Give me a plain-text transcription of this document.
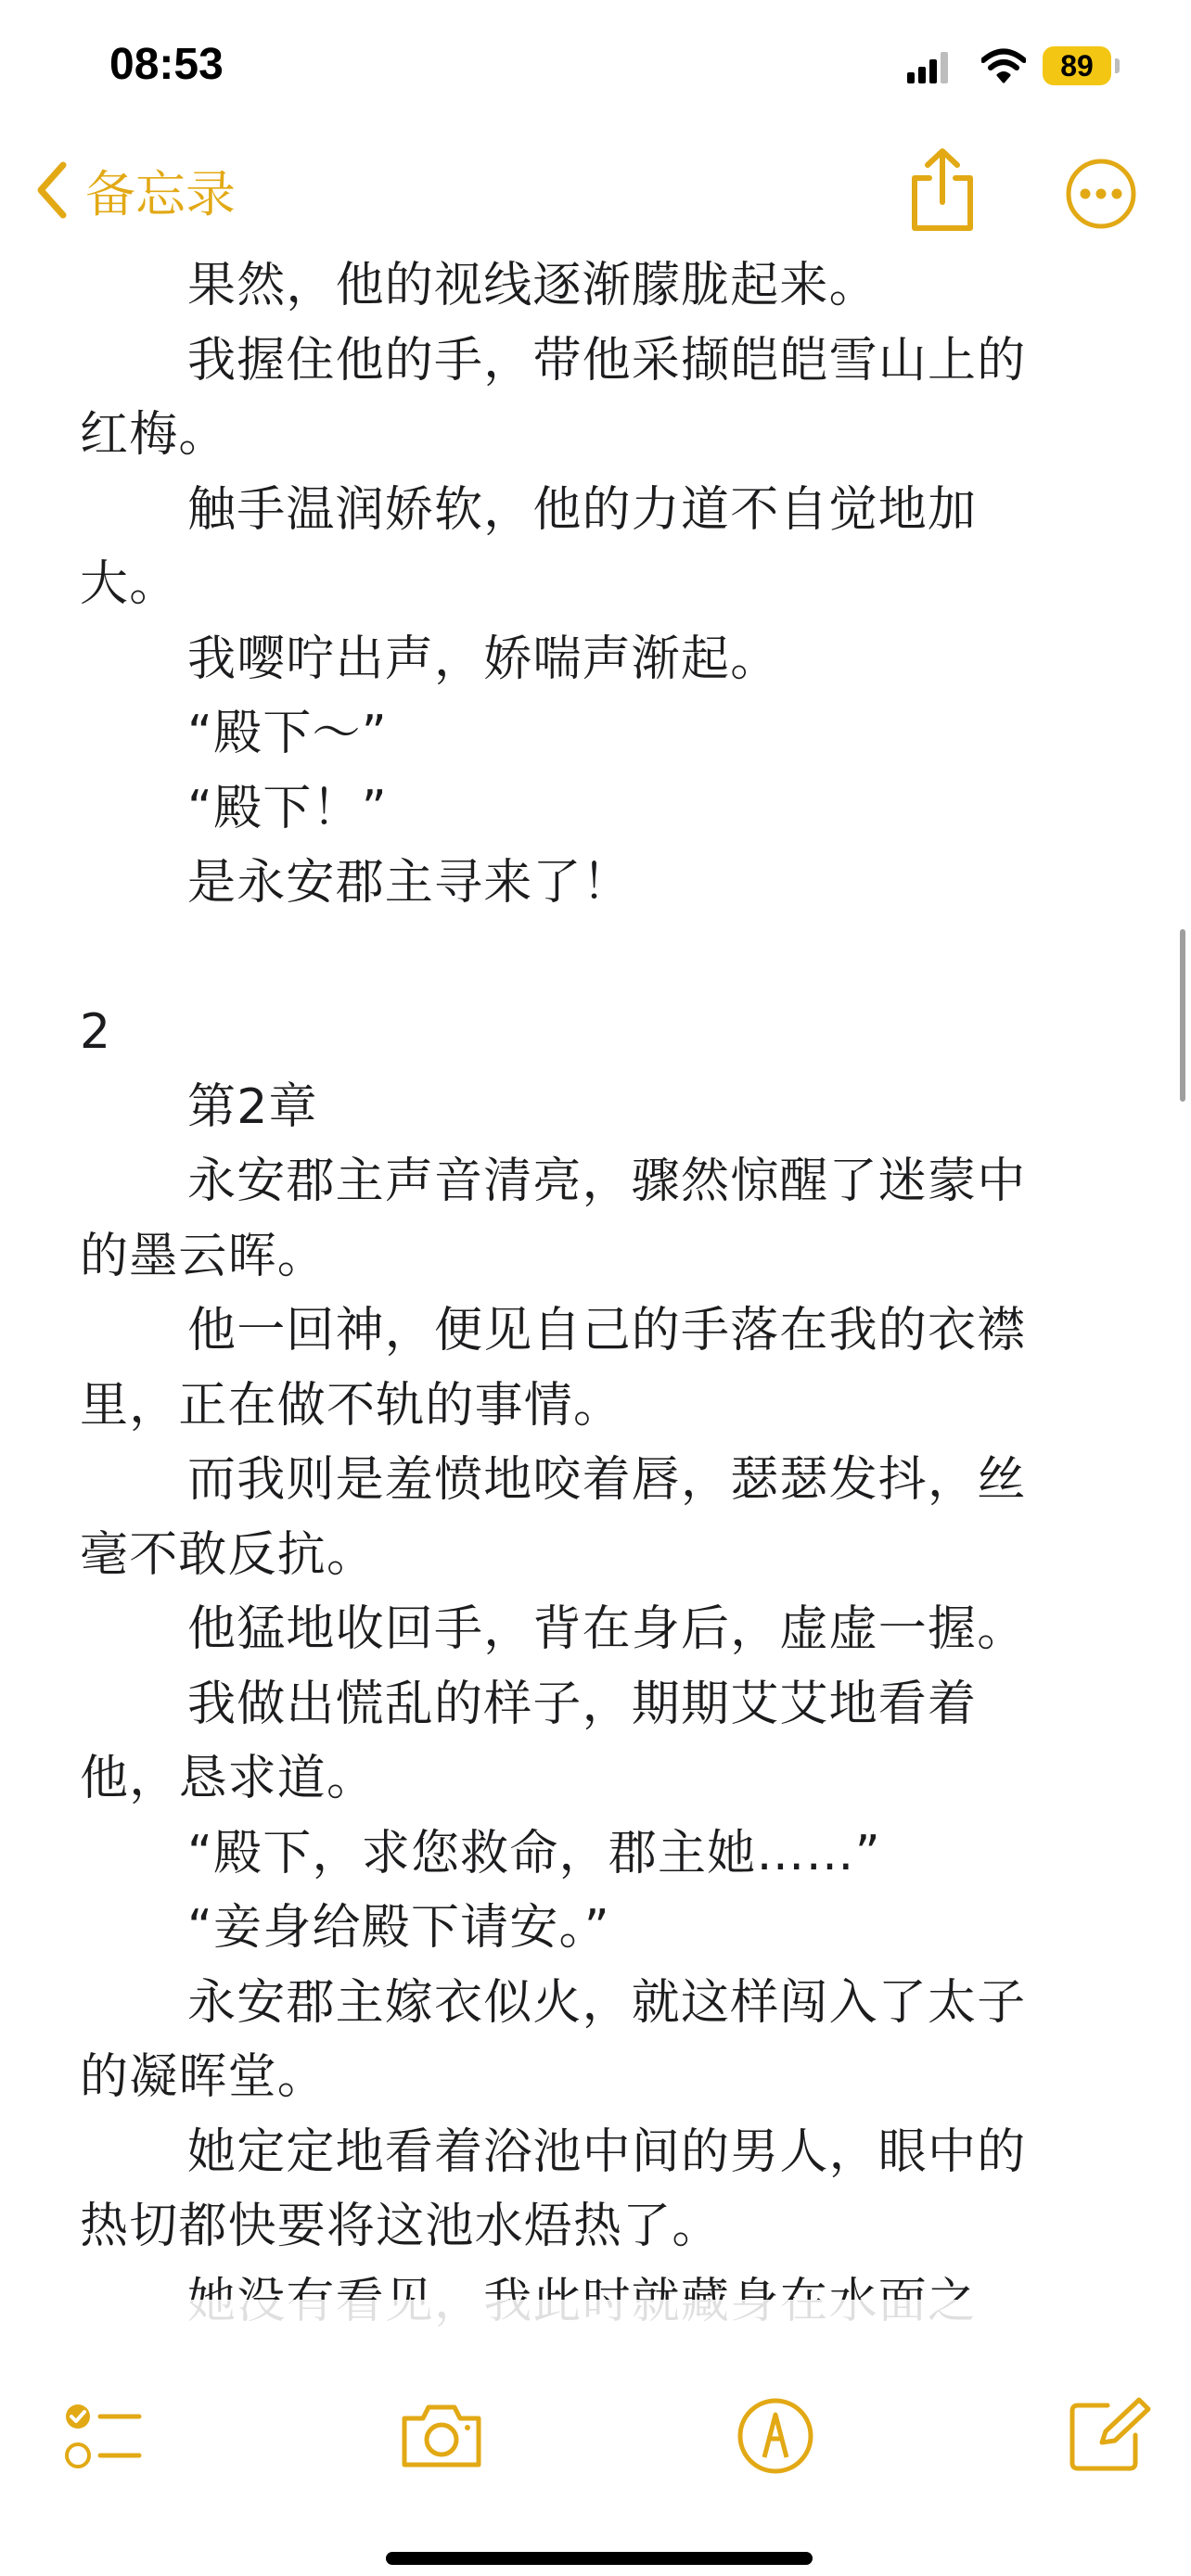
08:53	89
备忘录

果然，他的视线逐渐朦胧起来。

我握住他的手，带他采撷皑皑雪山上的

红梅。

触手温润娇软，他的力道不自觉地加

大。

我嘤咛出声，娇喘声渐起。

“殿下～”

“殿下！”

是永安郡主寻来了！

2

第2章

永安郡主声音清亮，骤然惊醒了迷蒙中

的墨云晖。

他一回神，便见自己的手落在我的衣襟

里，正在做不轨的事情。

而我则是羞愤地咬着唇，瑟瑟发抖，丝

毫不敢反抗。

他猛地收回手，背在身后，虚虚一握。

我做出慌乱的样子，期期艾艾地看着

他，恳求道。

“殿下，求您救命，郡主她……”

“妾身给殿下请安。”

永安郡主嫁衣似火，就这样闯入了太子

的凝晖堂。

她定定地看着浴池中间的男人，眼中的

热切都快要将这池水焐热了。
